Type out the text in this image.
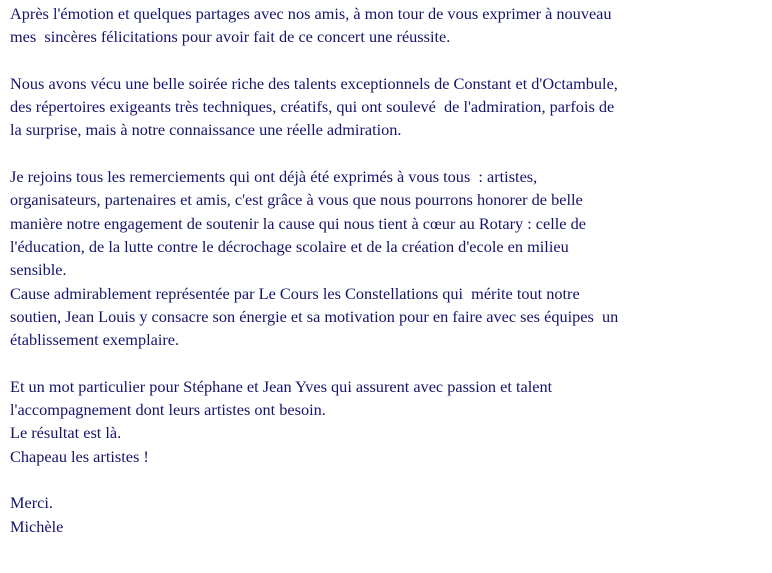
Après l'émotion et quelques partages avec nos amis, à mon tour de vous exprimer à nouveau
mes  sincères félicitations pour avoir fait de ce concert une réussite.
Nous avons vécu une belle soirée riche des talents exceptionnels de Constant et d'Octambule,
des répertoires exigeants très techniques, créatifs, qui ont soulevé  de l'admiration, parfois de
la surprise, mais à notre connaissance une réelle admiration.
Je rejoins tous les remerciements qui ont déjà été exprimés à vous tous  : artistes,
organisateurs, partenaires et amis, c'est grâce à vous que nous pourrons honorer de belle
manière notre engagement de soutenir la cause qui nous tient à cœur au Rotary : celle de
l'éducation, de la lutte contre le décrochage scolaire et de la création d'ecole en milieu
sensible.
Cause admirablement représentée par Le Cours les Constellations qui  mérite tout notre
soutien, Jean Louis y consacre son énergie et sa motivation pour en faire avec ses équipes  un
établissement exemplaire.
Et un mot particulier pour Stéphane et Jean Yves qui assurent avec passion et talent
l'accompagnement dont leurs artistes ont besoin.
Le résultat est là.
Chapeau les artistes !
Merci.
Michèle
